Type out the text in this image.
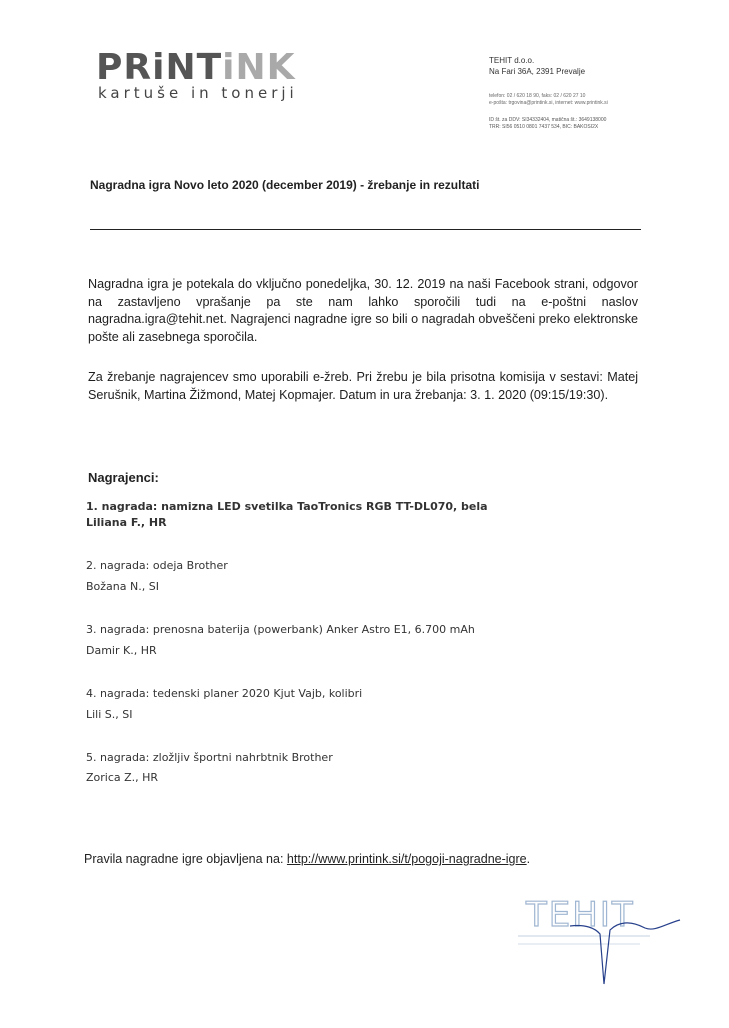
PRiNTiNK
kartuše in tonerji
TEHIT d.o.o.
Na Fari 36A, 2391 Prevalje
telefon: 02 / 620 18 90, faks: 02 / 620 27 10
e-pošta: trgovina@printink.si, internet: www.printink.si
ID št. za DDV: SI34332404, matična št.: 3649138000
TRR: SI56 0510 0801 7437 534, BIC: BAKOSI2X
Nagradna igra Novo leto 2020 (december 2019) - žrebanje in rezultati
Nagradna igra je potekala do vključno ponedeljka, 30. 12. 2019 na naši Facebook strani, odgovor na zastavljeno vprašanje pa ste nam lahko sporočili tudi na e-poštni naslov nagradna.igra@tehit.net. Nagrajenci nagradne igre so bili o nagradah obveščeni preko elektronske pošte ali zasebnega sporočila.
Za žrebanje nagrajencev smo uporabili e-žreb. Pri žrebu je bila prisotna komisija v sestavi: Matej Serušnik, Martina Žižmond, Matej Kopmajer. Datum in ura žrebanja: 3. 1. 2020 (09:15/19:30).
Nagrajenci:
1. nagrada: namizna LED svetilka TaoTronics RGB TT-DL070, bela
Liliana F., HR
2. nagrada: odeja Brother
Božana N., SI
3. nagrada: prenosna baterija (powerbank) Anker Astro E1, 6.700 mAh
Damir K., HR
4. nagrada: tedenski planer 2020 Kjut Vajb, kolibri
Lili S., SI
5. nagrada: zložljiv športni nahrbtnik Brother
Zorica Z., HR
Pravila nagradne igre objavljena na: http://www.printink.si/t/pogoji-nagradne-igre.
TEHIT
